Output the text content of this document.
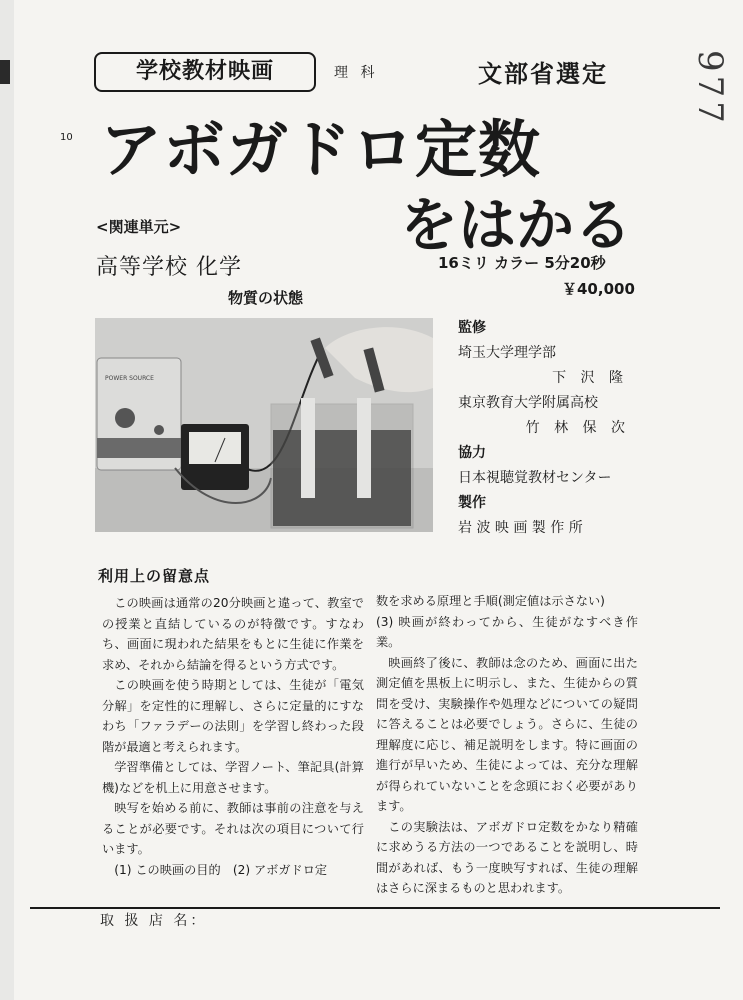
学校教材映画	理 科	文部省選定 977
10 アボガドロ定数
をはかる
<関連単元>
高等学校 化学
物質の状態
16ミリ カラー 5分20秒
￥40,000
POWER SOURCE
監修
埼玉大学理学部
下 沢 隆
東京教育大学附属高校
竹 林 保 次
協力
日本視聴覚教材センター
製作
岩 波 映 画 製 作 所
利用上の留意点

この映画は通常の20分映画と違って、教室での授業と直結しているのが特徴です。すなわち、画面に現われた結果をもとに生徒に作業を求め、それから結論を得るという方式です。

この映画を使う時期としては、生徒が「電気分解」を定性的に理解し、さらに定量的にすなわち「ファラデーの法則」を学習し終わった段階が最適と考えられます。

学習準備としては、学習ノート、筆記具(計算機)などを机上に用意させます。

映写を始める前に、教師は事前の注意を与えることが必要です。それは次の項目について行います。

(1) この映画の目的　(2) アボガドロ定

数を求める原理と手順(測定値は示さない)

(3) 映画が終わってから、生徒がなすべき作業。

映画終了後に、教師は念のため、画面に出た測定値を黒板上に明示し、また、生徒からの質問を受け、実験操作や処理などについての疑問に答えることは必要でしょう。さらに、生徒の理解度に応じ、補足説明をします。特に画面の進行が早いため、生徒によっては、充分な理解が得られていないことを念頭におく必要があります。

この実験法は、アボガドロ定数をかなり精確に求めうる方法の一つであることを説明し、時間があれば、もう一度映写すれば、生徒の理解はさらに深まるものと思われます。

取 扱 店 名：
